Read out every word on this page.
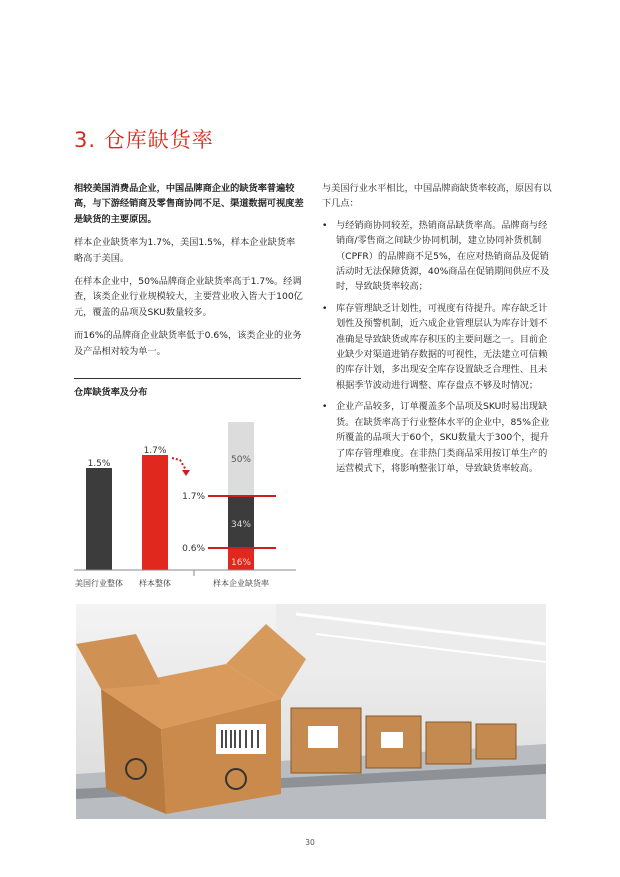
3. 仓库缺货率

相较美国消费品企业，中国品牌商企业的缺货率普遍较高，与下游经销商及零售商协同不足、渠道数据可视度差是缺货的主要原因。

样本企业缺货率为1.7%，美国1.5%，样本企业缺货率略高于美国。

在样本企业中，50%品牌商企业缺货率高于1.7%。经调查，该类企业行业规模较大，主要营业收入皆大于100亿元，覆盖的品项及SKU数量较多。

而16%的品牌商企业缺货率低于0.6%，该类企业的业务及产品相对较为单一。

仓库缺货率及分布
1.5%
1.7%
50%
34%
16%
1.7%
0.6%
美国行业整体 样本整体	样本企业缺货率

与美国行业水平相比，中国品牌商缺货率较高，原因有以下几点：

• 与经销商协同较差，热销商品缺货率高。品牌商与经销商/零售商之间缺少协同机制，建立协同补货机制（CPFR）的品牌商不足5%，在应对热销商品及促销活动时无法保障货源，40%商品在促销期间供应不及时，导致缺货率较高；
• 库存管理缺乏计划性，可视度有待提升。库存缺乏计划性及预警机制，近六成企业管理层认为库存计划不准确是导致缺货或库存积压的主要问题之一。目前企业缺少对渠道进销存数据的可视性，无法建立可信赖的库存计划，多出现安全库存设置缺乏合理性、且未根据季节波动进行调整、库存盘点不够及时情况；
• 企业产品较多，订单覆盖多个品项及SKU时易出现缺货。在缺货率高于行业整体水平的企业中，85%企业所覆盖的品项大于60个，SKU数量大于300个，提升了库存管理难度。在非热门类商品采用按订单生产的运营模式下，将影响整张订单，导致缺货率较高。
30
